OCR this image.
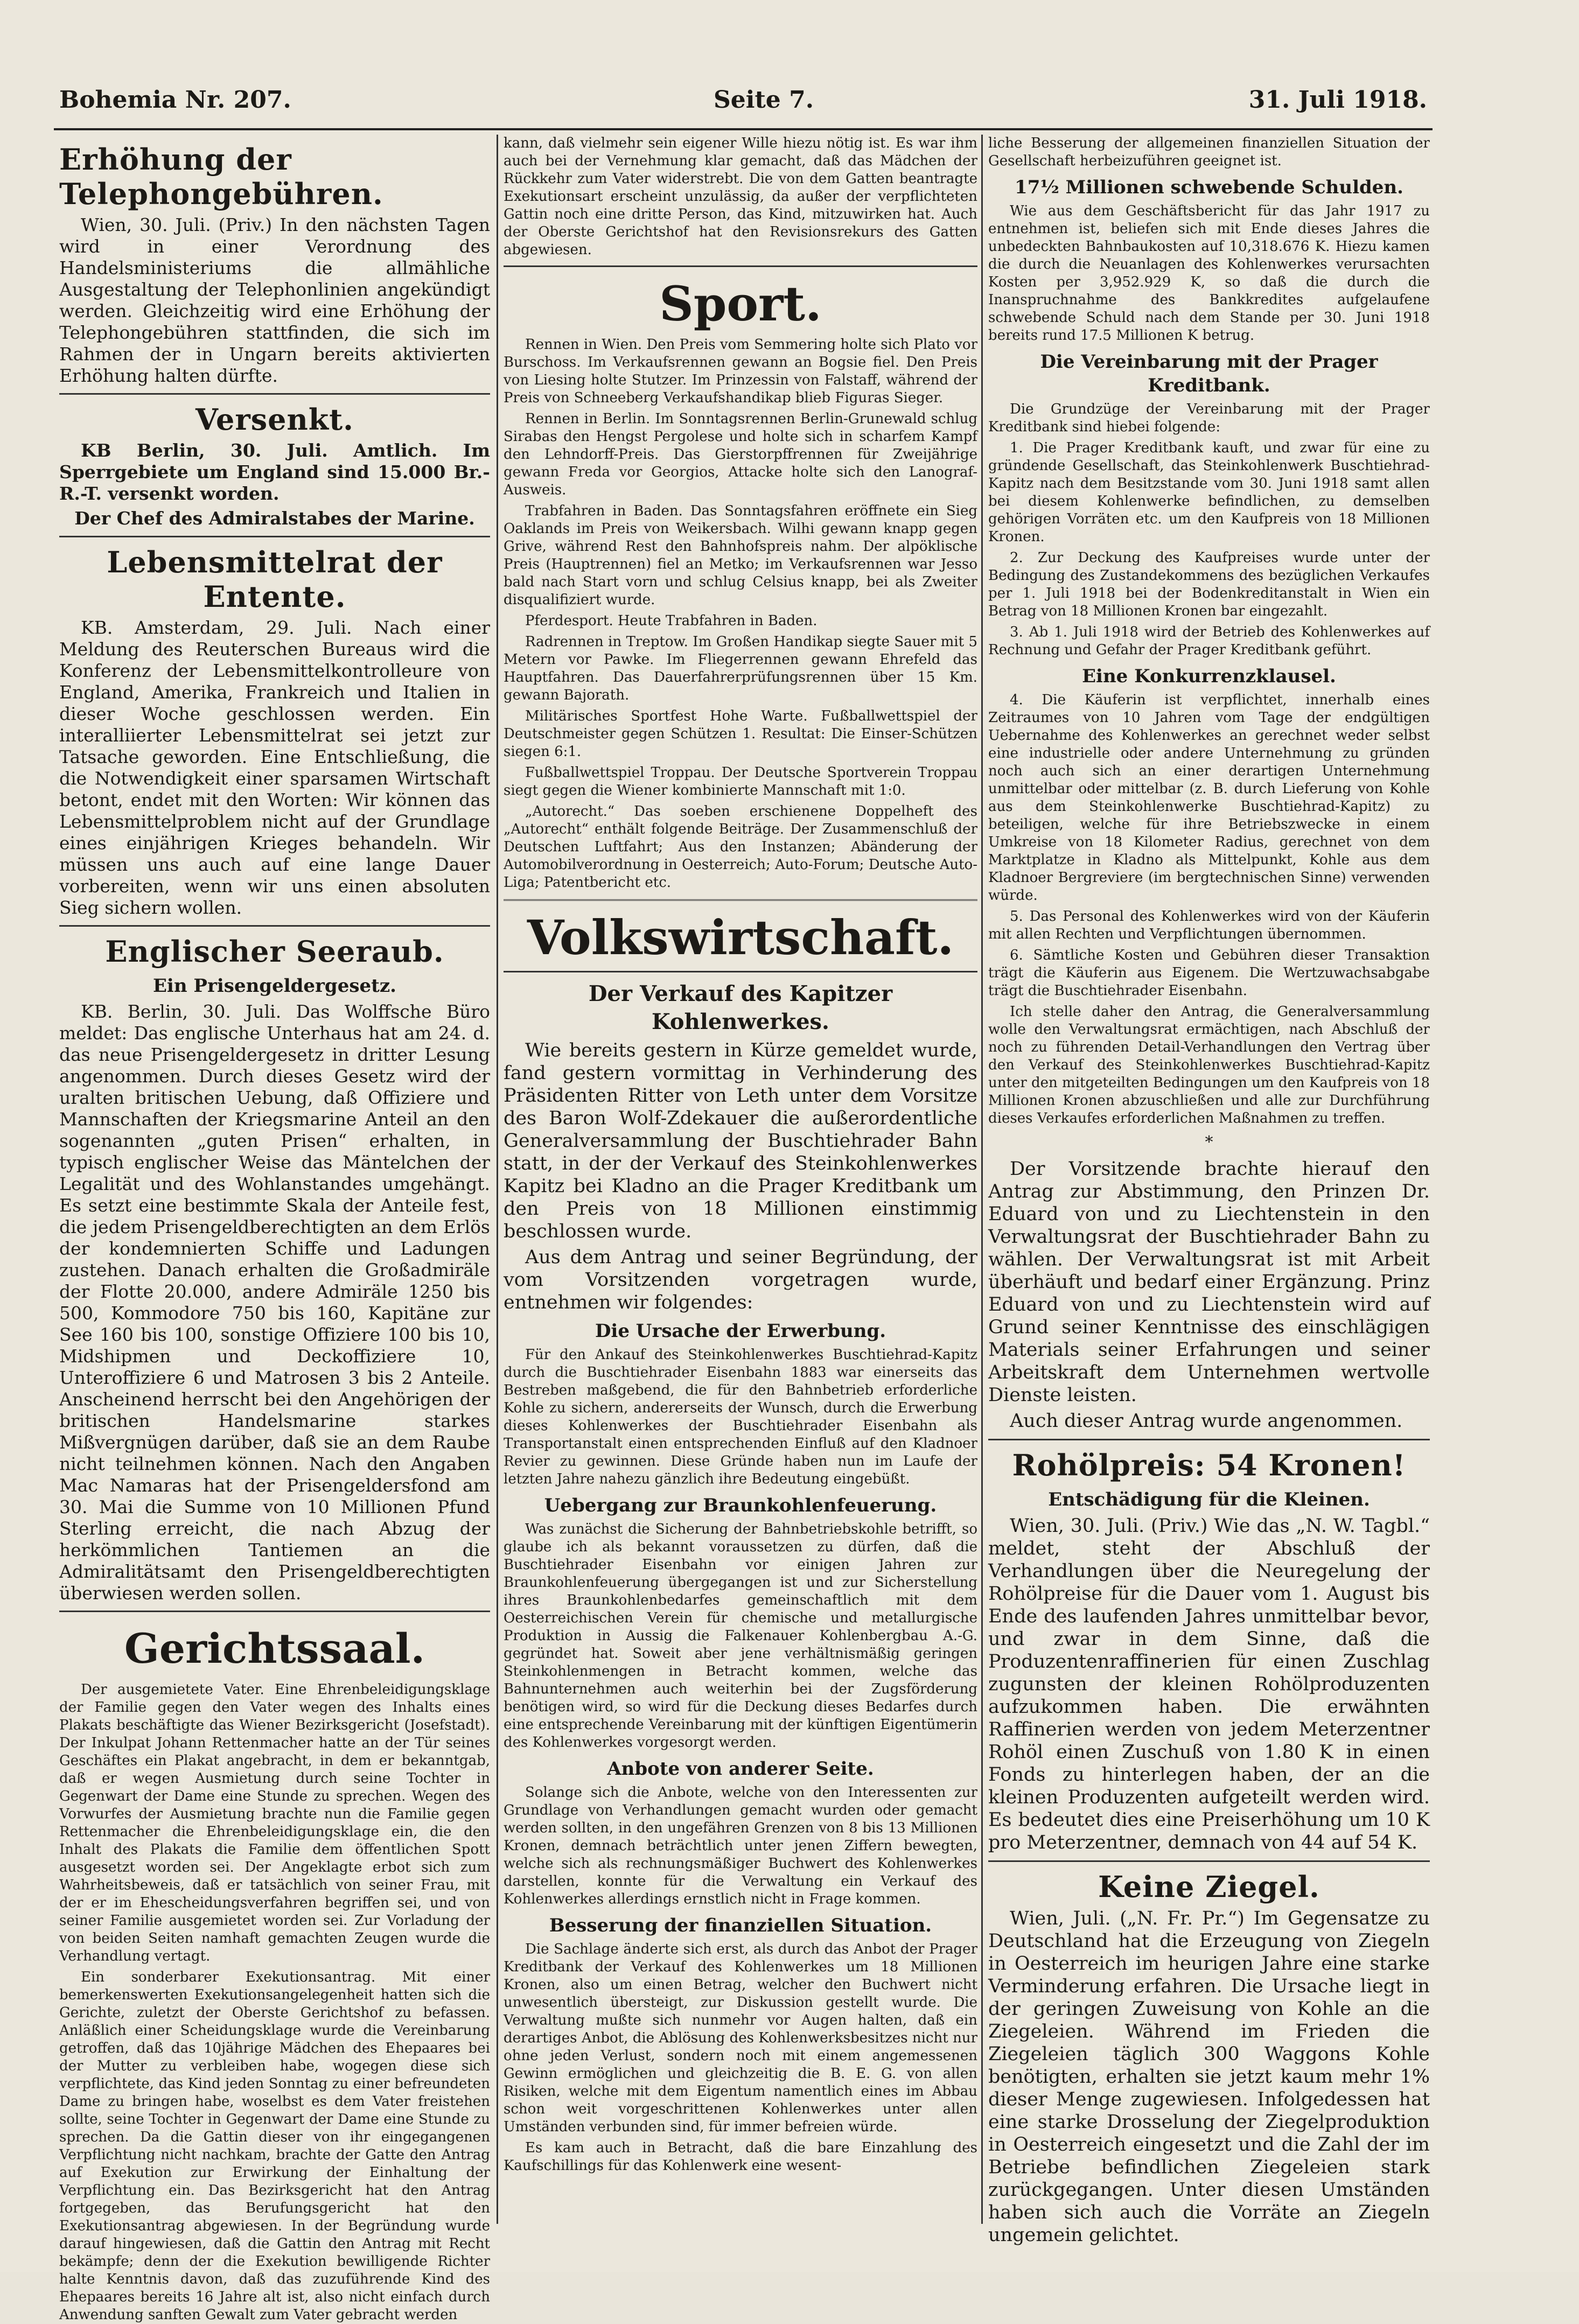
Bohemia Nr. 207.	Seite 7.	31. Juli 1918.
Erhöhung der Telephongebühren.

Wien, 30. Juli. (Priv.) In den nächsten Tagen wird in einer Verordnung des Handelsministeriums die allmähliche Ausgestaltung der Telephonlinien angekündigt werden. Gleichzeitig wird eine Erhöhung der Telephongebühren stattfinden, die sich im Rahmen der in Ungarn bereits aktivierten Erhöhung halten dürfte.

Versenkt.

KB Berlin, 30. Juli. Amtlich. Im Sperrgebiete um England sind 15.000 Br.-R.-T. versenkt worden.

Der Chef des Admiralstabes der Marine.

Lebensmittelrat der Entente.

KB. Amsterdam, 29. Juli. Nach einer Meldung des Reuterschen Bureaus wird die Konferenz der Lebensmittelkontrolleure von England, Amerika, Frankreich und Italien in dieser Woche geschlossen werden. Ein interalliierter Lebensmittelrat sei jetzt zur Tatsache geworden. Eine Entschließung, die die Notwendigkeit einer sparsamen Wirtschaft betont, endet mit den Worten: Wir können das Lebensmittelproblem nicht auf der Grundlage eines einjährigen Krieges behandeln. Wir müssen uns auch auf eine lange Dauer vorbereiten, wenn wir uns einen absoluten Sieg sichern wollen.

Englischer Seeraub.
Ein Prisengeldergesetz.

KB. Berlin, 30. Juli. Das Wolffsche Büro meldet: Das englische Unterhaus hat am 24. d. das neue Prisengeldergesetz in dritter Lesung angenommen. Durch dieses Gesetz wird der uralten britischen Uebung, daß Offiziere und Mannschaften der Kriegsmarine Anteil an den sogenannten „guten Prisen“ erhalten, in typisch englischer Weise das Mäntelchen der Legalität und des Wohlanstandes umgehängt. Es setzt eine bestimmte Skala der Anteile fest, die jedem Prisengeldberechtigten an dem Erlös der kondemnierten Schiffe und Ladungen zustehen. Danach erhalten die Großadmiräle der Flotte 20.000, andere Admiräle 1250 bis 500, Kommodore 750 bis 160, Kapitäne zur See 160 bis 100, sonstige Offiziere 100 bis 10, Midshipmen und Deckoffiziere 10, Unteroffiziere 6 und Matrosen 3 bis 2 Anteile. Anscheinend herrscht bei den Angehörigen der britischen Handelsmarine starkes Mißvergnügen darüber, daß sie an dem Raube nicht teilnehmen können. Nach den Angaben Mac Namaras hat der Prisengeldersfond am 30. Mai die Summe von 10 Millionen Pfund Sterling erreicht, die nach Abzug der herkömmlichen Tantiemen an die Admiralitätsamt den Prisengeldberechtigten überwiesen werden sollen.

Gerichtssaal.

Der ausgemietete Vater. Eine Ehrenbeleidigungsklage der Familie gegen den Vater wegen des Inhalts eines Plakats beschäftigte das Wiener Bezirksgericht (Josefstadt). Der Inkulpat Johann Rettenmacher hatte an der Tür seines Geschäftes ein Plakat angebracht, in dem er bekanntgab, daß er wegen Ausmietung durch seine Tochter in Gegenwart der Dame eine Stunde zu sprechen. Wegen des Vorwurfes der Ausmietung brachte nun die Familie gegen Rettenmacher die Ehrenbeleidigungsklage ein, die den Inhalt des Plakats die Familie dem öffentlichen Spott ausgesetzt worden sei. Der Angeklagte erbot sich zum Wahrheitsbeweis, daß er tatsächlich von seiner Frau, mit der er im Ehescheidungsverfahren begriffen sei, und von seiner Familie ausgemietet worden sei. Zur Vorladung der von beiden Seiten namhaft gemachten Zeugen wurde die Verhandlung vertagt.

Ein sonderbarer Exekutionsantrag. Mit einer bemerkenswerten Exekutionsangelegenheit hatten sich die Gerichte, zuletzt der Oberste Gerichtshof zu befassen. Anläßlich einer Scheidungsklage wurde die Vereinbarung getroffen, daß das 10jährige Mädchen des Ehepaares bei der Mutter zu verbleiben habe, wogegen diese sich verpflichtete, das Kind jeden Sonntag zu einer befreundeten Dame zu bringen habe, woselbst es dem Vater freistehen sollte, seine Tochter in Gegenwart der Dame eine Stunde zu sprechen. Da die Gattin dieser von ihr eingegangenen Verpflichtung nicht nachkam, brachte der Gatte den Antrag auf Exekution zur Erwirkung der Einhaltung der Verpflichtung ein. Das Bezirksgericht hat den Antrag fortgegeben, das Berufungsgericht hat den Exekutionsantrag abgewiesen. In der Begründung wurde darauf hingewiesen, daß die Gattin den Antrag mit Recht bekämpfe; denn der die Exekution bewilligende Richter halte Kenntnis davon, daß das zuzuführende Kind des Ehepaares bereits 16 Jahre alt ist, also nicht einfach durch Anwendung sanften Gewalt zum Vater gebracht werden

kann, daß vielmehr sein eigener Wille hiezu nötig ist. Es war ihm auch bei der Vernehmung klar gemacht, daß das Mädchen der Rückkehr zum Vater widerstrebt. Die von dem Gatten beantragte Exekutionsart erscheint unzulässig, da außer der verpflichteten Gattin noch eine dritte Person, das Kind, mitzuwirken hat. Auch der Oberste Gerichtshof hat den Revisionsrekurs des Gatten abgewiesen.

Sport.

Rennen in Wien. Den Preis vom Semmering holte sich Plato vor Burschoss. Im Verkaufsrennen gewann an Bogsie fiel. Den Preis von Liesing holte Stutzer. Im Prinzessin von Falstaff, während der Preis von Schneeberg Verkaufshandikap blieb Figuras Sieger.

Rennen in Berlin. Im Sonntagsrennen Berlin-Grunewald schlug Sirabas den Hengst Pergolese und holte sich in scharfem Kampf den Lehndorff-Preis. Das Gierstorpffrennen für Zweijährige gewann Freda vor Georgios, Attacke holte sich den Lanograf-Ausweis.

Trabfahren in Baden. Das Sonntagsfahren eröffnete ein Sieg Oaklands im Preis von Weikersbach. Wilhi gewann knapp gegen Grive, während Rest den Bahnhofspreis nahm. Der alpöklische Preis (Hauptrennen) fiel an Metko; im Verkaufsrennen war Jesso bald nach Start vorn und schlug Celsius knapp, bei als Zweiter disqualifiziert wurde.

Pferdesport. Heute Trabfahren in Baden.

Radrennen in Treptow. Im Großen Handikap siegte Sauer mit 5 Metern vor Pawke. Im Fliegerrennen gewann Ehrefeld das Hauptfahren. Das Dauerfahrerprüfungsrennen über 15 Km. gewann Bajorath.

Militärisches Sportfest Hohe Warte. Fußballwettspiel der Deutschmeister gegen Schützen 1. Resultat: Die Einser-Schützen siegen 6:1.

Fußballwettspiel Troppau. Der Deutsche Sportverein Troppau siegt gegen die Wiener kombinierte Mannschaft mit 1:0.

„Autorecht.“ Das soeben erschienene Doppelheft des „Autorecht“ enthält folgende Beiträge. Der Zusammenschluß der Deutschen Luftfahrt; Aus den Instanzen; Abänderung der Automobilverordnung in Oesterreich; Auto-Forum; Deutsche Auto-Liga; Patentbericht etc.

Volkswirtschaft.
Der Verkauf des Kapitzer Kohlenwerkes.

Wie bereits gestern in Kürze gemeldet wurde, fand gestern vormittag in Verhinderung des Präsidenten Ritter von Leth unter dem Vorsitze des Baron Wolf-Zdekauer die außerordentliche Generalversammlung der Buschtiehrader Bahn statt, in der der Verkauf des Steinkohlenwerkes Kapitz bei Kladno an die Prager Kreditbank um den Preis von 18 Millionen einstimmig beschlossen wurde.

Aus dem Antrag und seiner Begründung, der vom Vorsitzenden vorgetragen wurde, entnehmen wir folgendes:

Die Ursache der Erwerbung.

Für den Ankauf des Steinkohlenwerkes Buschtiehrad-Kapitz durch die Buschtiehrader Eisenbahn 1883 war einerseits das Bestreben maßgebend, die für den Bahnbetrieb erforderliche Kohle zu sichern, andererseits der Wunsch, durch die Erwerbung dieses Kohlenwerkes der Buschtiehrader Eisenbahn als Transportanstalt einen entsprechenden Einfluß auf den Kladnoer Revier zu gewinnen. Diese Gründe haben nun im Laufe der letzten Jahre nahezu gänzlich ihre Bedeutung eingebüßt.

Uebergang zur Braunkohlenfeuerung.

Was zunächst die Sicherung der Bahnbetriebskohle betrifft, so glaube ich als bekannt voraussetzen zu dürfen, daß die Buschtiehrader Eisenbahn vor einigen Jahren zur Braunkohlenfeuerung übergegangen ist und zur Sicherstellung ihres Braunkohlenbedarfes gemeinschaftlich mit dem Oesterreichischen Verein für chemische und metallurgische Produktion in Aussig die Falkenauer Kohlenbergbau A.-G. gegründet hat. Soweit aber jene verhältnismäßig geringen Steinkohlenmengen in Betracht kommen, welche das Bahnunternehmen auch weiterhin bei der Zugsförderung benötigen wird, so wird für die Deckung dieses Bedarfes durch eine entsprechende Vereinbarung mit der künftigen Eigentümerin des Kohlenwerkes vorgesorgt werden.

Anbote von anderer Seite.

Solange sich die Anbote, welche von den Interessenten zur Grundlage von Verhandlungen gemacht wurden oder gemacht werden sollten, in den ungefähren Grenzen von 8 bis 13 Millionen Kronen, demnach beträchtlich unter jenen Ziffern bewegten, welche sich als rechnungsmäßiger Buchwert des Kohlenwerkes darstellen, konnte für die Verwaltung ein Verkauf des Kohlenwerkes allerdings ernstlich nicht in Frage kommen.

Besserung der finanziellen Situation.

Die Sachlage änderte sich erst, als durch das Anbot der Prager Kreditbank der Verkauf des Kohlenwerkes um 18 Millionen Kronen, also um einen Betrag, welcher den Buchwert nicht unwesentlich übersteigt, zur Diskussion gestellt wurde. Die Verwaltung mußte sich nunmehr vor Augen halten, daß ein derartiges Anbot, die Ablösung des Kohlenwerksbesitzes nicht nur ohne jeden Verlust, sondern noch mit einem angemessenen Gewinn ermöglichen und gleichzeitig die B. E. G. von allen Risiken, welche mit dem Eigentum namentlich eines im Abbau schon weit vorgeschrittenen Kohlenwerkes unter allen Umständen verbunden sind, für immer befreien würde.

Es kam auch in Betracht, daß die bare Einzahlung des Kaufschillings für das Kohlenwerk eine wesent-

liche Besserung der allgemeinen finanziellen Situation der Gesellschaft herbeizuführen geeignet ist.

17½ Millionen schwebende Schulden.

Wie aus dem Geschäftsbericht für das Jahr 1917 zu entnehmen ist, beliefen sich mit Ende dieses Jahres die unbedeckten Bahnbaukosten auf 10,318.676 K. Hiezu kamen die durch die Neuanlagen des Kohlenwerkes verursachten Kosten per 3,952.929 K, so daß die durch die Inanspruchnahme des Bankkredites aufgelaufene schwebende Schuld nach dem Stande per 30. Juni 1918 bereits rund 17.5 Millionen K betrug.

Die Vereinbarung mit der Prager Kreditbank.

Die Grundzüge der Vereinbarung mit der Prager Kreditbank sind hiebei folgende:

1. Die Prager Kreditbank kauft, und zwar für eine zu gründende Gesellschaft, das Steinkohlenwerk Buschtiehrad-Kapitz nach dem Besitzstande vom 30. Juni 1918 samt allen bei diesem Kohlenwerke befindlichen, zu demselben gehörigen Vorräten etc. um den Kaufpreis von 18 Millionen Kronen.

2. Zur Deckung des Kaufpreises wurde unter der Bedingung des Zustandekommens des bezüglichen Verkaufes per 1. Juli 1918 bei der Bodenkreditanstalt in Wien ein Betrag von 18 Millionen Kronen bar eingezahlt.

3. Ab 1. Juli 1918 wird der Betrieb des Kohlenwerkes auf Rechnung und Gefahr der Prager Kreditbank geführt.

Eine Konkurrenzklausel.

4. Die Käuferin ist verpflichtet, innerhalb eines Zeitraumes von 10 Jahren vom Tage der endgültigen Uebernahme des Kohlenwerkes an gerechnet weder selbst eine industrielle oder andere Unternehmung zu gründen noch auch sich an einer derartigen Unternehmung unmittelbar oder mittelbar (z. B. durch Lieferung von Kohle aus dem Steinkohlenwerke Buschtiehrad-Kapitz) zu beteiligen, welche für ihre Betriebszwecke in einem Umkreise von 18 Kilometer Radius, gerechnet von dem Marktplatze in Kladno als Mittelpunkt, Kohle aus dem Kladnoer Bergreviere (im bergtechnischen Sinne) verwenden würde.

5. Das Personal des Kohlenwerkes wird von der Käuferin mit allen Rechten und Verpflichtungen übernommen.

6. Sämtliche Kosten und Gebühren dieser Transaktion trägt die Käuferin aus Eigenem. Die Wertzuwachsabgabe trägt die Buschtiehrader Eisenbahn.

Ich stelle daher den Antrag, die Generalversammlung wolle den Verwaltungsrat ermächtigen, nach Abschluß der noch zu führenden Detail-Verhandlungen den Vertrag über den Verkauf des Steinkohlenwerkes Buschtiehrad-Kapitz unter den mitgeteilten Bedingungen um den Kaufpreis von 18 Millionen Kronen abzuschließen und alle zur Durchführung dieses Verkaufes erforderlichen Maßnahmen zu treffen.

*

Der Vorsitzende brachte hierauf den Antrag zur Abstimmung, den Prinzen Dr. Eduard von und zu Liechtenstein in den Verwaltungsrat der Buschtiehrader Bahn zu wählen. Der Verwaltungsrat ist mit Arbeit überhäuft und bedarf einer Ergänzung. Prinz Eduard von und zu Liechtenstein wird auf Grund seiner Kenntnisse des einschlägigen Materials seiner Erfahrungen und seiner Arbeitskraft dem Unternehmen wertvolle Dienste leisten.

Auch dieser Antrag wurde angenommen.

Rohölpreis: 54 Kronen!
Entschädigung für die Kleinen.

Wien, 30. Juli. (Priv.) Wie das „N. W. Tagbl.“ meldet, steht der Abschluß der Verhandlungen über die Neuregelung der Rohölpreise für die Dauer vom 1. August bis Ende des laufenden Jahres unmittelbar bevor, und zwar in dem Sinne, daß die Produzentenraffinerien für einen Zuschlag zugunsten der kleinen Rohölproduzenten aufzukommen haben. Die erwähnten Raffinerien werden von jedem Meterzentner Rohöl einen Zuschuß von 1.80 K in einen Fonds zu hinterlegen haben, der an die kleinen Produzenten aufgeteilt werden wird. Es bedeutet dies eine Preiserhöhung um 10 K pro Meterzentner, demnach von 44 auf 54 K.

Keine Ziegel.

Wien, Juli. („N. Fr. Pr.“) Im Gegensatze zu Deutschland hat die Erzeugung von Ziegeln in Oesterreich im heurigen Jahre eine starke Verminderung erfahren. Die Ursache liegt in der geringen Zuweisung von Kohle an die Ziegeleien. Während im Frieden die Ziegeleien täglich 300 Waggons Kohle benötigten, erhalten sie jetzt kaum mehr 1% dieser Menge zugewiesen. Infolgedessen hat eine starke Drosselung der Ziegelproduktion in Oesterreich eingesetzt und die Zahl der im Betriebe befindlichen Ziegeleien stark zurückgegangen. Unter diesen Umständen haben sich auch die Vorräte an Ziegeln ungemein gelichtet.
